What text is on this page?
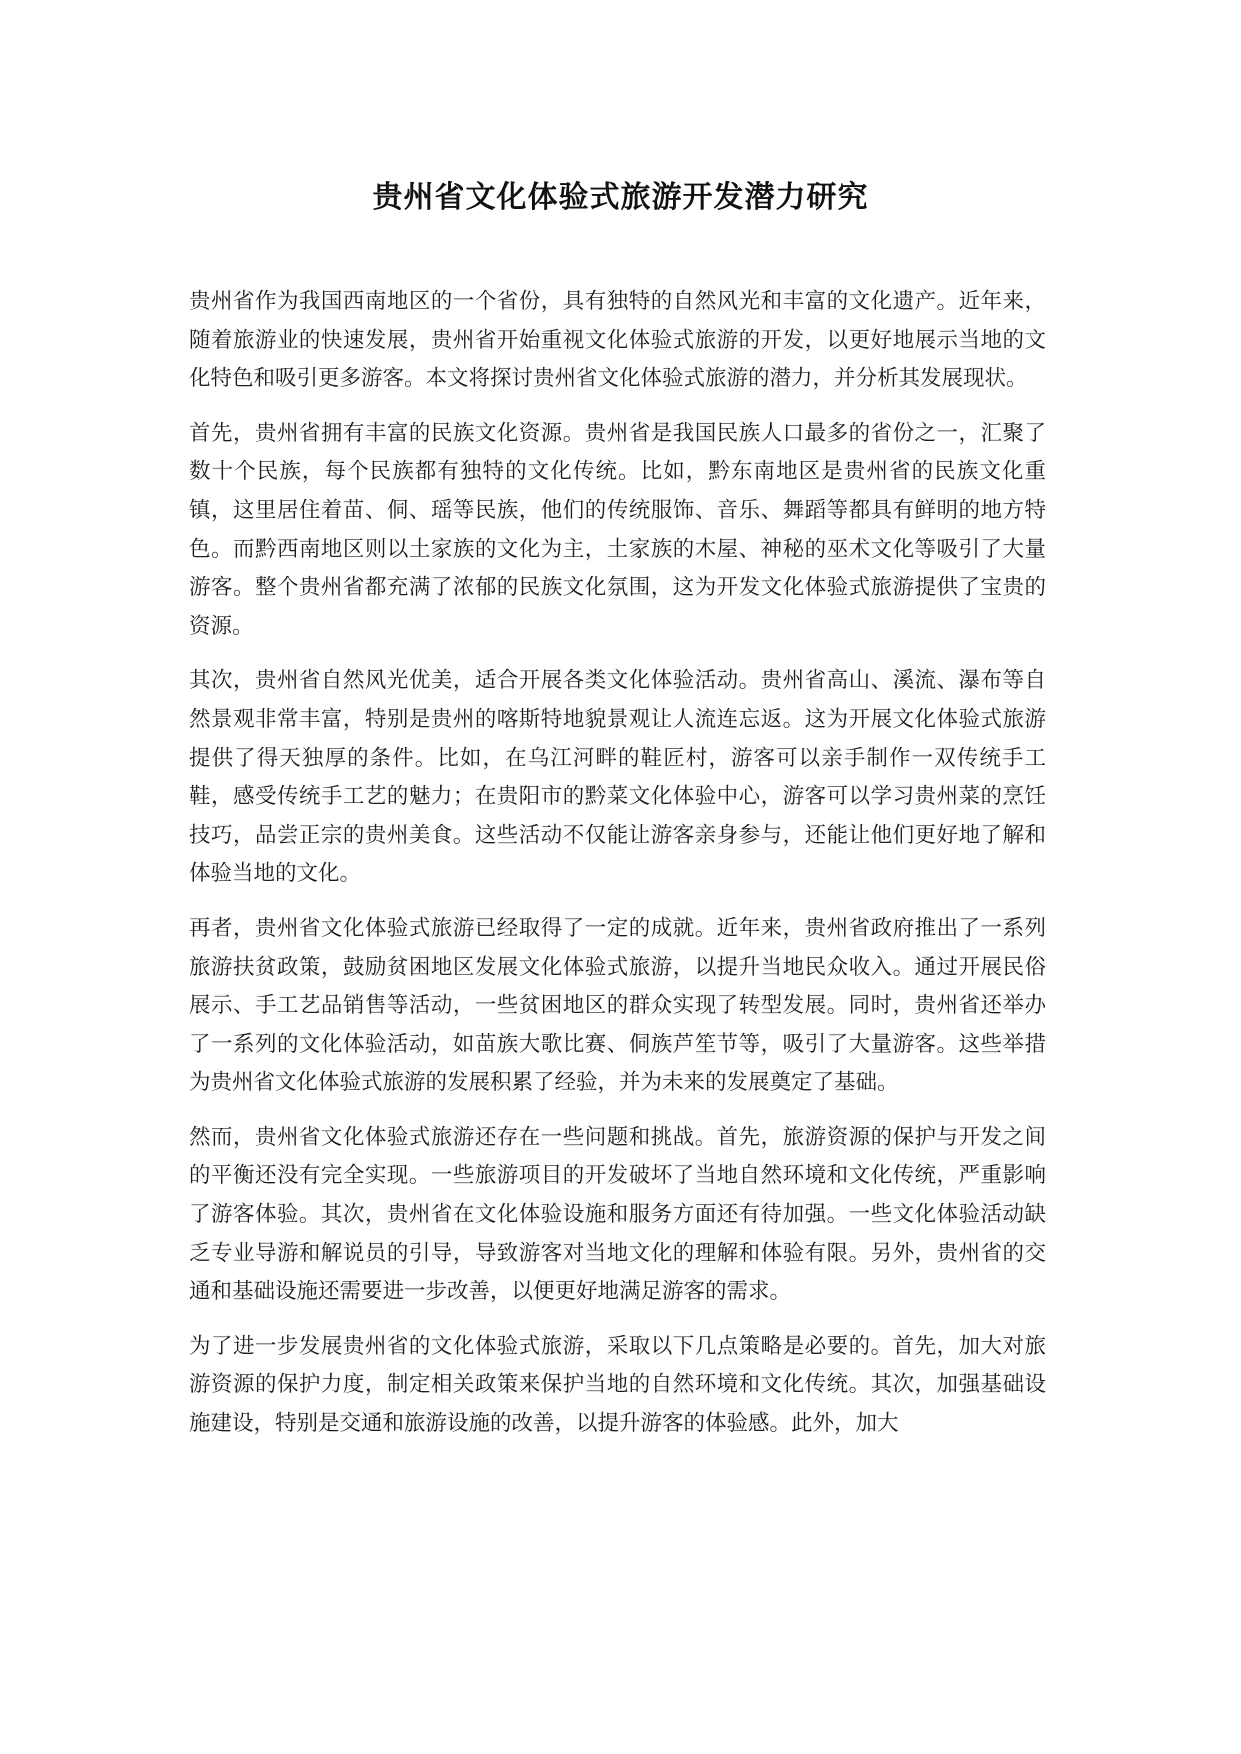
贵州省文化体验式旅游开发潜力研究

贵州省作为我国西南地区的一个省份，具有独特的自然风光和丰富的文化遗产。近年来，随着旅游业的快速发展，贵州省开始重视文化体验式旅游的开发，以更好地展示当地的文化特色和吸引更多游客。本文将探讨贵州省文化体验式旅游的潜力，并分析其发展现状。

首先，贵州省拥有丰富的民族文化资源。贵州省是我国民族人口最多的省份之一，汇聚了数十个民族，每个民族都有独特的文化传统。比如，黔东南地区是贵州省的民族文化重镇，这里居住着苗、侗、瑶等民族，他们的传统服饰、音乐、舞蹈等都具有鲜明的地方特色。而黔西南地区则以土家族的文化为主，土家族的木屋、神秘的巫术文化等吸引了大量游客。整个贵州省都充满了浓郁的民族文化氛围，这为开发文化体验式旅游提供了宝贵的资源。

其次，贵州省自然风光优美，适合开展各类文化体验活动。贵州省高山、溪流、瀑布等自然景观非常丰富，特别是贵州的喀斯特地貌景观让人流连忘返。这为开展文化体验式旅游提供了得天独厚的条件。比如，在乌江河畔的鞋匠村，游客可以亲手制作一双传统手工鞋，感受传统手工艺的魅力；在贵阳市的黔菜文化体验中心，游客可以学习贵州菜的烹饪技巧，品尝正宗的贵州美食。这些活动不仅能让游客亲身参与，还能让他们更好地了解和体验当地的文化。

再者，贵州省文化体验式旅游已经取得了一定的成就。近年来，贵州省政府推出了一系列旅游扶贫政策，鼓励贫困地区发展文化体验式旅游，以提升当地民众收入。通过开展民俗展示、手工艺品销售等活动，一些贫困地区的群众实现了转型发展。同时，贵州省还举办了一系列的文化体验活动，如苗族大歌比赛、侗族芦笙节等，吸引了大量游客。这些举措为贵州省文化体验式旅游的发展积累了经验，并为未来的发展奠定了基础。

然而，贵州省文化体验式旅游还存在一些问题和挑战。首先，旅游资源的保护与开发之间的平衡还没有完全实现。一些旅游项目的开发破坏了当地自然环境和文化传统，严重影响了游客体验。其次，贵州省在文化体验设施和服务方面还有待加强。一些文化体验活动缺乏专业导游和解说员的引导，导致游客对当地文化的理解和体验有限。另外，贵州省的交通和基础设施还需要进一步改善，以便更好地满足游客的需求。

为了进一步发展贵州省的文化体验式旅游，采取以下几点策略是必要的。首先，加大对旅游资源的保护力度，制定相关政策来保护当地的自然环境和文化传统。其次，加强基础设施建设，特别是交通和旅游设施的改善，以提升游客的体验感。此外，加大
